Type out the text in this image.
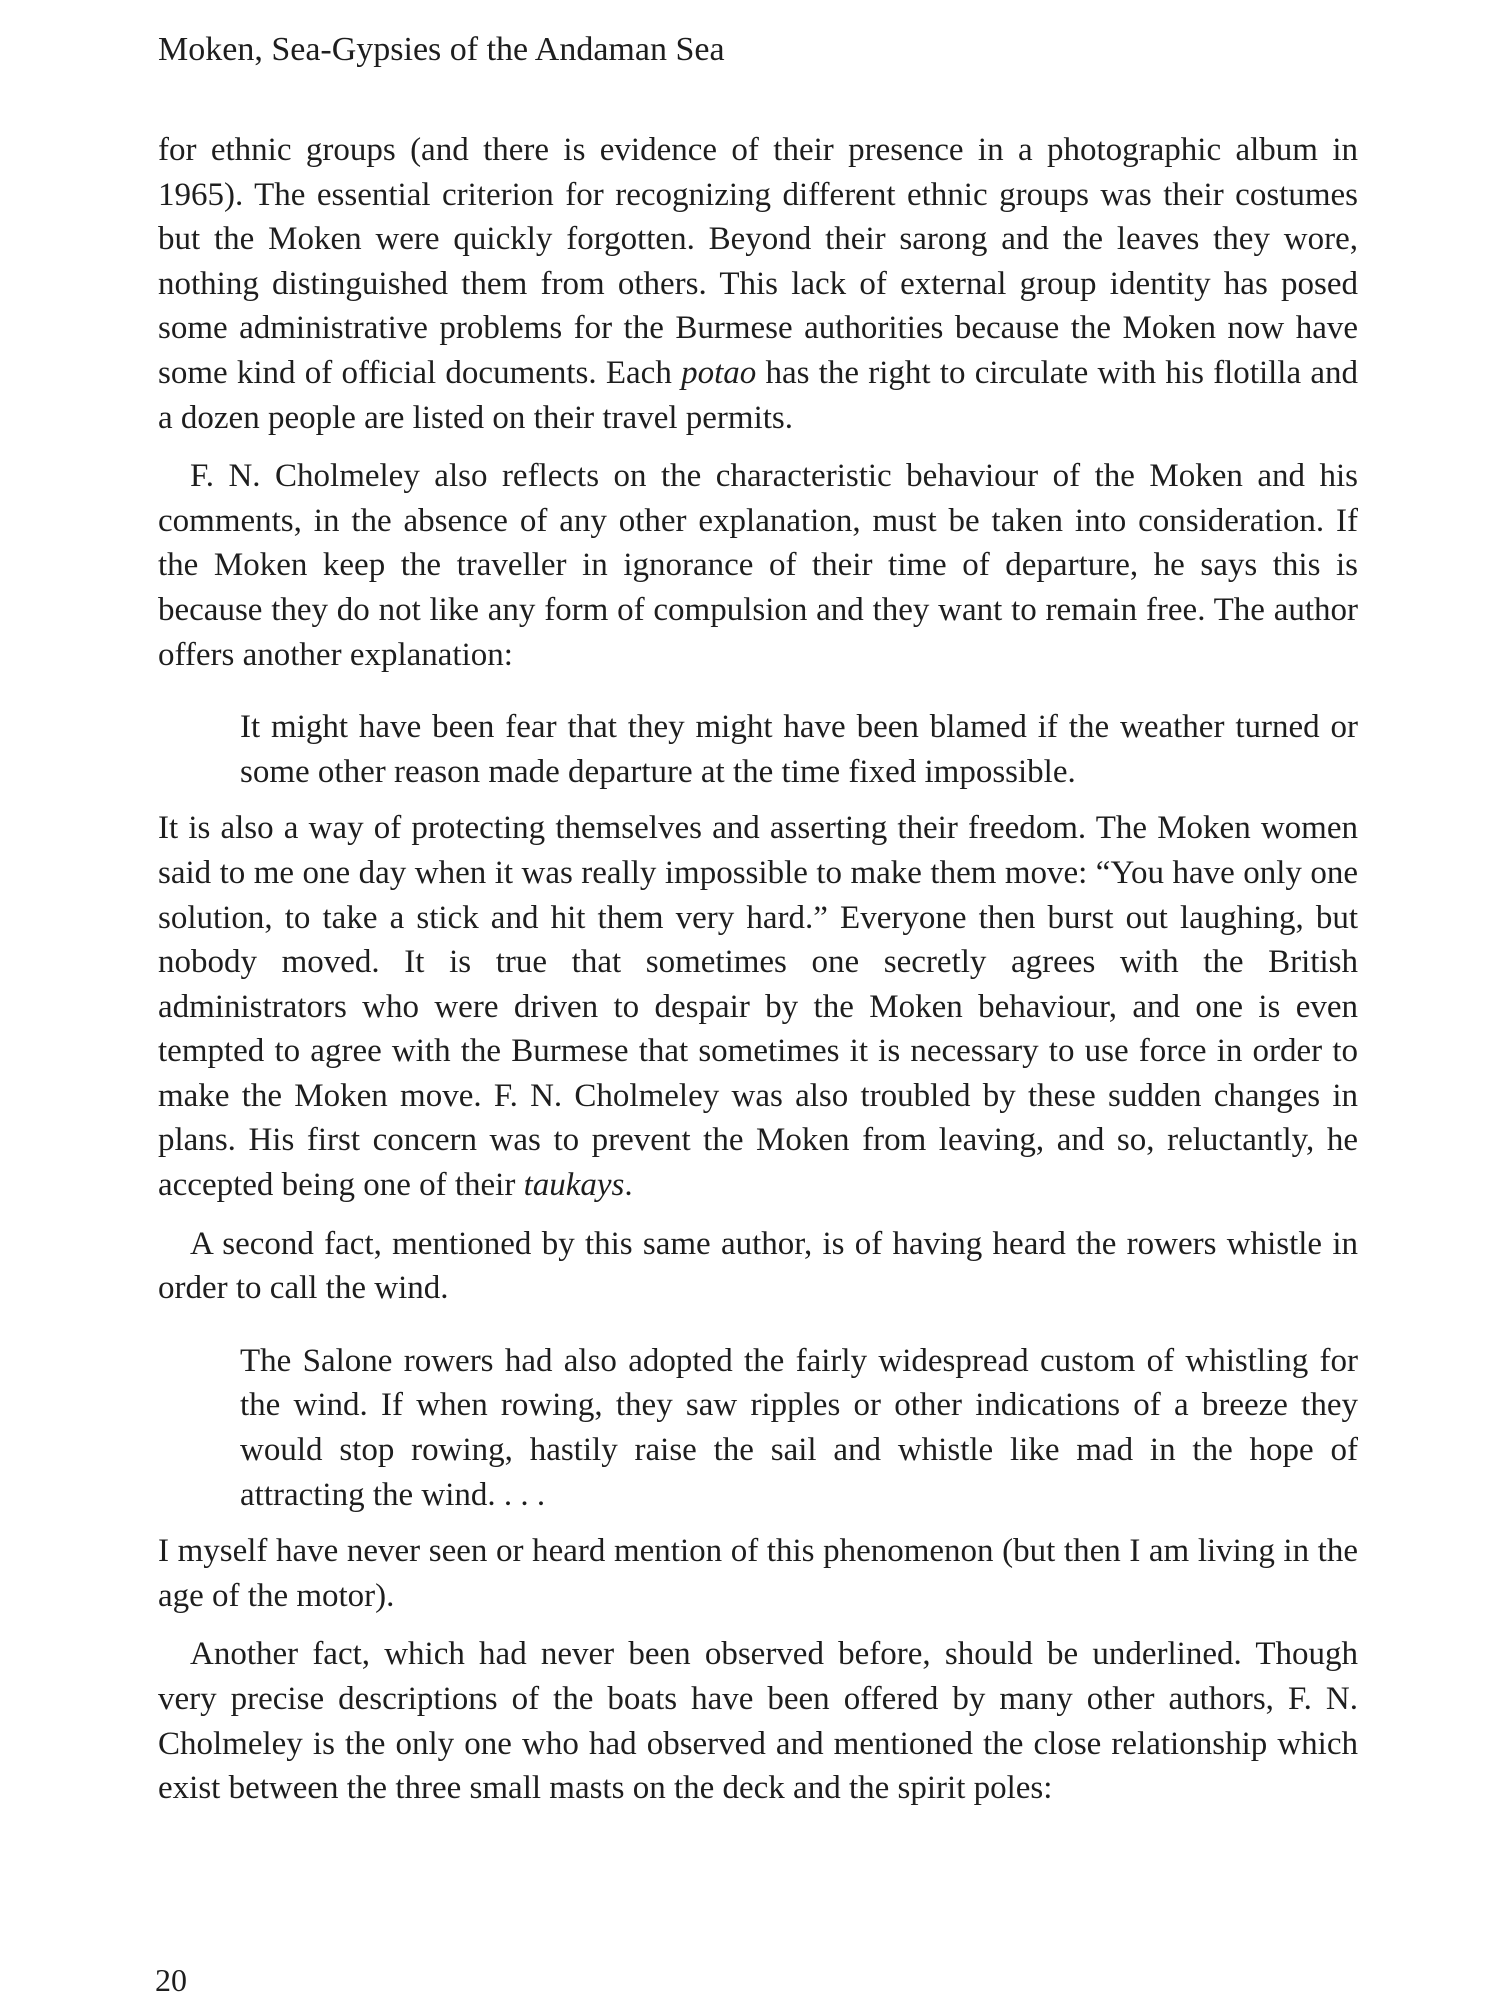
Moken, Sea-Gypsies of the Andaman Sea

for ethnic groups (and there is evidence of their presence in a photographic album in 1965). The essential criterion for recognizing different ethnic groups was their costumes but the Moken were quickly forgotten. Beyond their sarong and the leaves they wore, nothing distinguished them from others. This lack of external group identity has posed some administrative problems for the Burmese authorities because the Moken now have some kind of official documents. Each potao has the right to circulate with his flotilla and a dozen people are listed on their travel permits.

F. N. Cholmeley also reflects on the characteristic behaviour of the Moken and his comments, in the absence of any other explanation, must be taken into consideration. If the Moken keep the traveller in ignorance of their time of departure, he says this is because they do not like any form of compulsion and they want to remain free. The author offers another explanation:

It might have been fear that they might have been blamed if the weather turned or some other reason made departure at the time fixed impossible.

It is also a way of protecting themselves and asserting their freedom. The Moken women said to me one day when it was really impossible to make them move: “You have only one solution, to take a stick and hit them very hard.” Everyone then burst out laughing, but nobody moved. It is true that sometimes one secretly agrees with the British administrators who were driven to despair by the Moken behaviour, and one is even tempted to agree with the Burmese that sometimes it is necessary to use force in order to make the Moken move. F. N. Cholmeley was also troubled by these sudden changes in plans. His first concern was to prevent the Moken from leaving, and so, reluctantly, he accepted being one of their taukays.

A second fact, mentioned by this same author, is of having heard the rowers whistle in order to call the wind.

The Salone rowers had also adopted the fairly widespread custom of whistling for the wind. If when rowing, they saw ripples or other indications of a breeze they would stop rowing, hastily raise the sail and whistle like mad in the hope of attracting the wind. . . .

I myself have never seen or heard mention of this phenomenon (but then I am living in the age of the motor).

Another fact, which had never been observed before, should be underlined. Though very precise descriptions of the boats have been offered by many other authors, F. N. Cholmeley is the only one who had observed and mentioned the close relationship which exist between the three small masts on the deck and the spirit poles:

20
